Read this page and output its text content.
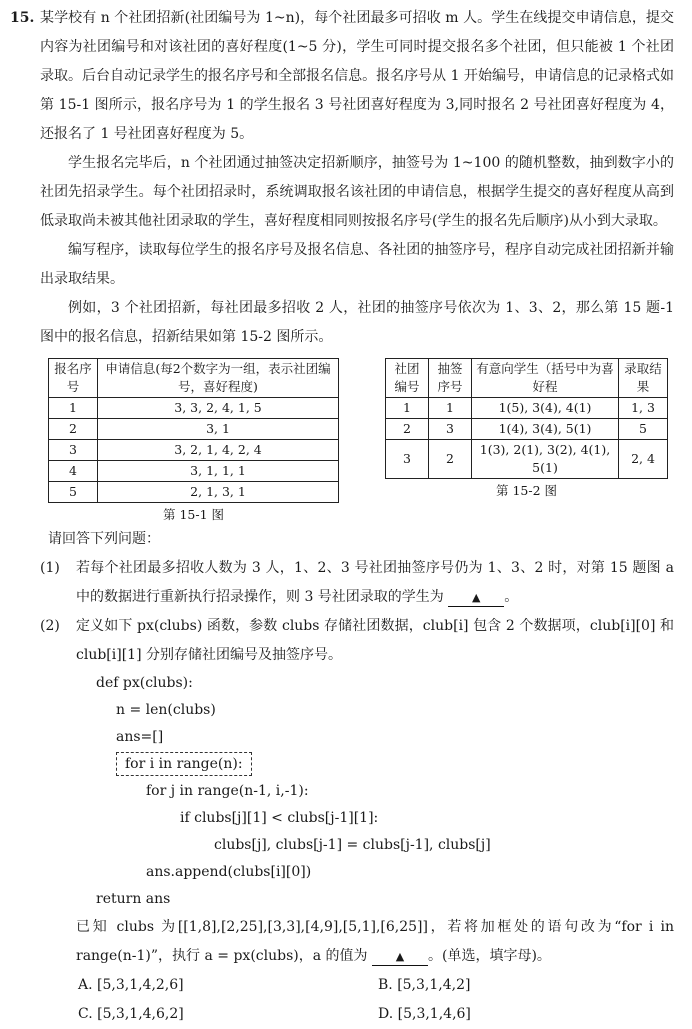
15. 某学校有 n 个社团招新(社团编号为 1~n)，每个社团最多可招收 m 人。学生在线提交申请信息，提交内容为社团编号和对该社团的喜好程度(1~5 分)，学生可同时提交报名多个社团，但只能被 1 个社团录取。后台自动记录学生的报名序号和全部报名信息。报名序号从 1 开始编号，申请信息的记录格式如第 15-1 图所示，报名序号为 1 的学生报名 3 号社团喜好程度为 3,同时报名 2 号社团喜好程度为 4，还报名了 1 号社团喜好程度为 5。
学生报名完毕后，n 个社团通过抽签决定招新顺序，抽签号为 1~100 的随机整数，抽到数字小的社团先招录学生。每个社团招录时，系统调取报名该社团的申请信息，根据学生提交的喜好程度从高到低录取尚未被其他社团录取的学生，喜好程度相同则按报名序号(学生的报名先后顺序)从小到大录取。
编写程序，读取每位学生的报名序号及报名信息、各社团的抽签序号，程序自动完成社团招新并输出录取结果。
例如，3 个社团招新，每社团最多招收 2 人，社团的抽签序号依次为 1、3、2，那么第 15 题-1 图中的报名信息，招新结果如第 15-2 图所示。
报名序号	申请信息(每2个数字为一组，表示社团编号，喜好程度)
1	3, 3, 2, 4, 1, 5
2	3, 1
3	3, 2, 1, 4, 2, 4
4	3, 1, 1, 1
5	2, 1, 3, 1
第 15-1 图
社团编号	抽签序号	有意向学生（括号中为喜好程	录取结果
1	1	1(5), 3(4), 4(1)	1, 3
2	3	1(4), 3(4), 5(1)	5
3	2	1(3), 2(1), 3(2), 4(1), 5(1)	2, 4
第 15-2 图
请回答下列问题：
(1)	若每个社团最多招收人数为 3 人，1、2、3 号社团抽签序号仍为 1、3、2 时，对第 15 题图 a 中的数据进行重新执行招录操作，则 3 号社团录取的学生为	▲ 。
(2)	定义如下 px(clubs) 函数，参数 clubs 存储社团数据，club[i] 包含 2 个数据项，club[i][0] 和 club[i][1] 分别存储社团编号及抽签序号。
def px(clubs):
n = len(clubs)
ans=[]
for i in range(n):
for j in range(n-1, i,-1):
if clubs[j][1] < clubs[j-1][1]:
clubs[j], clubs[j-1] = clubs[j-1], clubs[j]
ans.append(clubs[i][0])
return ans
已知 clubs 为[[1,8],[2,25],[3,3],[4,9],[5,1],[6,25]]，若将加框处的语句改为“for i in range(n-1)”，执行 a = px(clubs)，a 的值为	▲ 。(单选，填字母)。
A. [5,3,1,4,2,6]	B. [5,3,1,4,2]
C. [5,3,1,4,6,2]	D. [5,3,1,4,6]
